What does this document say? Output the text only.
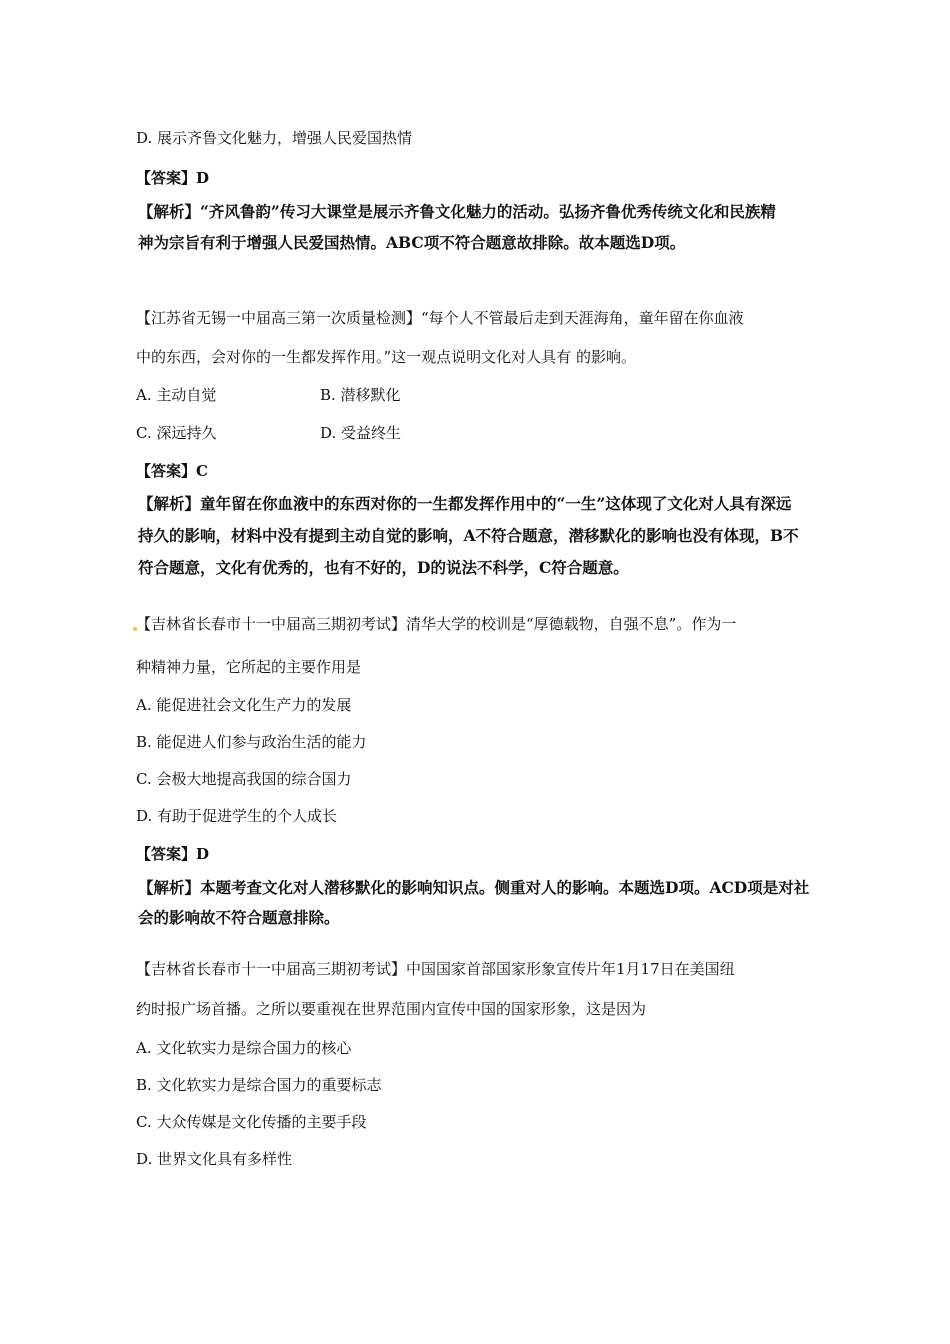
D. 展示齐鲁文化魅力，增强人民爱国热情
【答案】D
【解析】“齐风鲁韵”传习大课堂是展示齐鲁文化魅力的活动。弘扬齐鲁优秀传统文化和民族精
神为宗旨有利于增强人民爱国热情。ABC项不符合题意故排除。故本题选D项。
【江苏省无锡一中届高三第一次质量检测】“每个人不管最后走到天涯海角，童年留在你血液
中的东西，会对你的一生都发挥作用。”这一观点说明文化对人具有 的影响。
A. 主动自觉	B. 潜移默化
C. 深远持久	D. 受益终生
【答案】C
【解析】童年留在你血液中的东西对你的一生都发挥作用中的“一生”这体现了文化对人具有深远
持久的影响，材料中没有提到主动自觉的影响，A不符合题意，潜移默化的影响也没有体现，B不
符合题意，文化有优秀的，也有不好的，D的说法不科学，C符合题意。
【吉林省长春市十一中届高三期初考试】清华大学的校训是“厚德载物，自强不息”。作为一
种精神力量，它所起的主要作用是
A. 能促进社会文化生产力的发展
B. 能促进人们参与政治生活的能力
C. 会极大地提高我国的综合国力
D. 有助于促进学生的个人成长
【答案】D
【解析】本题考查文化对人潜移默化的影响知识点。侧重对人的影响。本题选D项。ACD项是对社
会的影响故不符合题意排除。
【吉林省长春市十一中届高三期初考试】中国国家首部国家形象宣传片年1月17日在美国纽
约时报广场首播。之所以要重视在世界范围内宣传中国的国家形象，这是因为
A. 文化软实力是综合国力的核心
B. 文化软实力是综合国力的重要标志
C. 大众传媒是文化传播的主要手段
D. 世界文化具有多样性
